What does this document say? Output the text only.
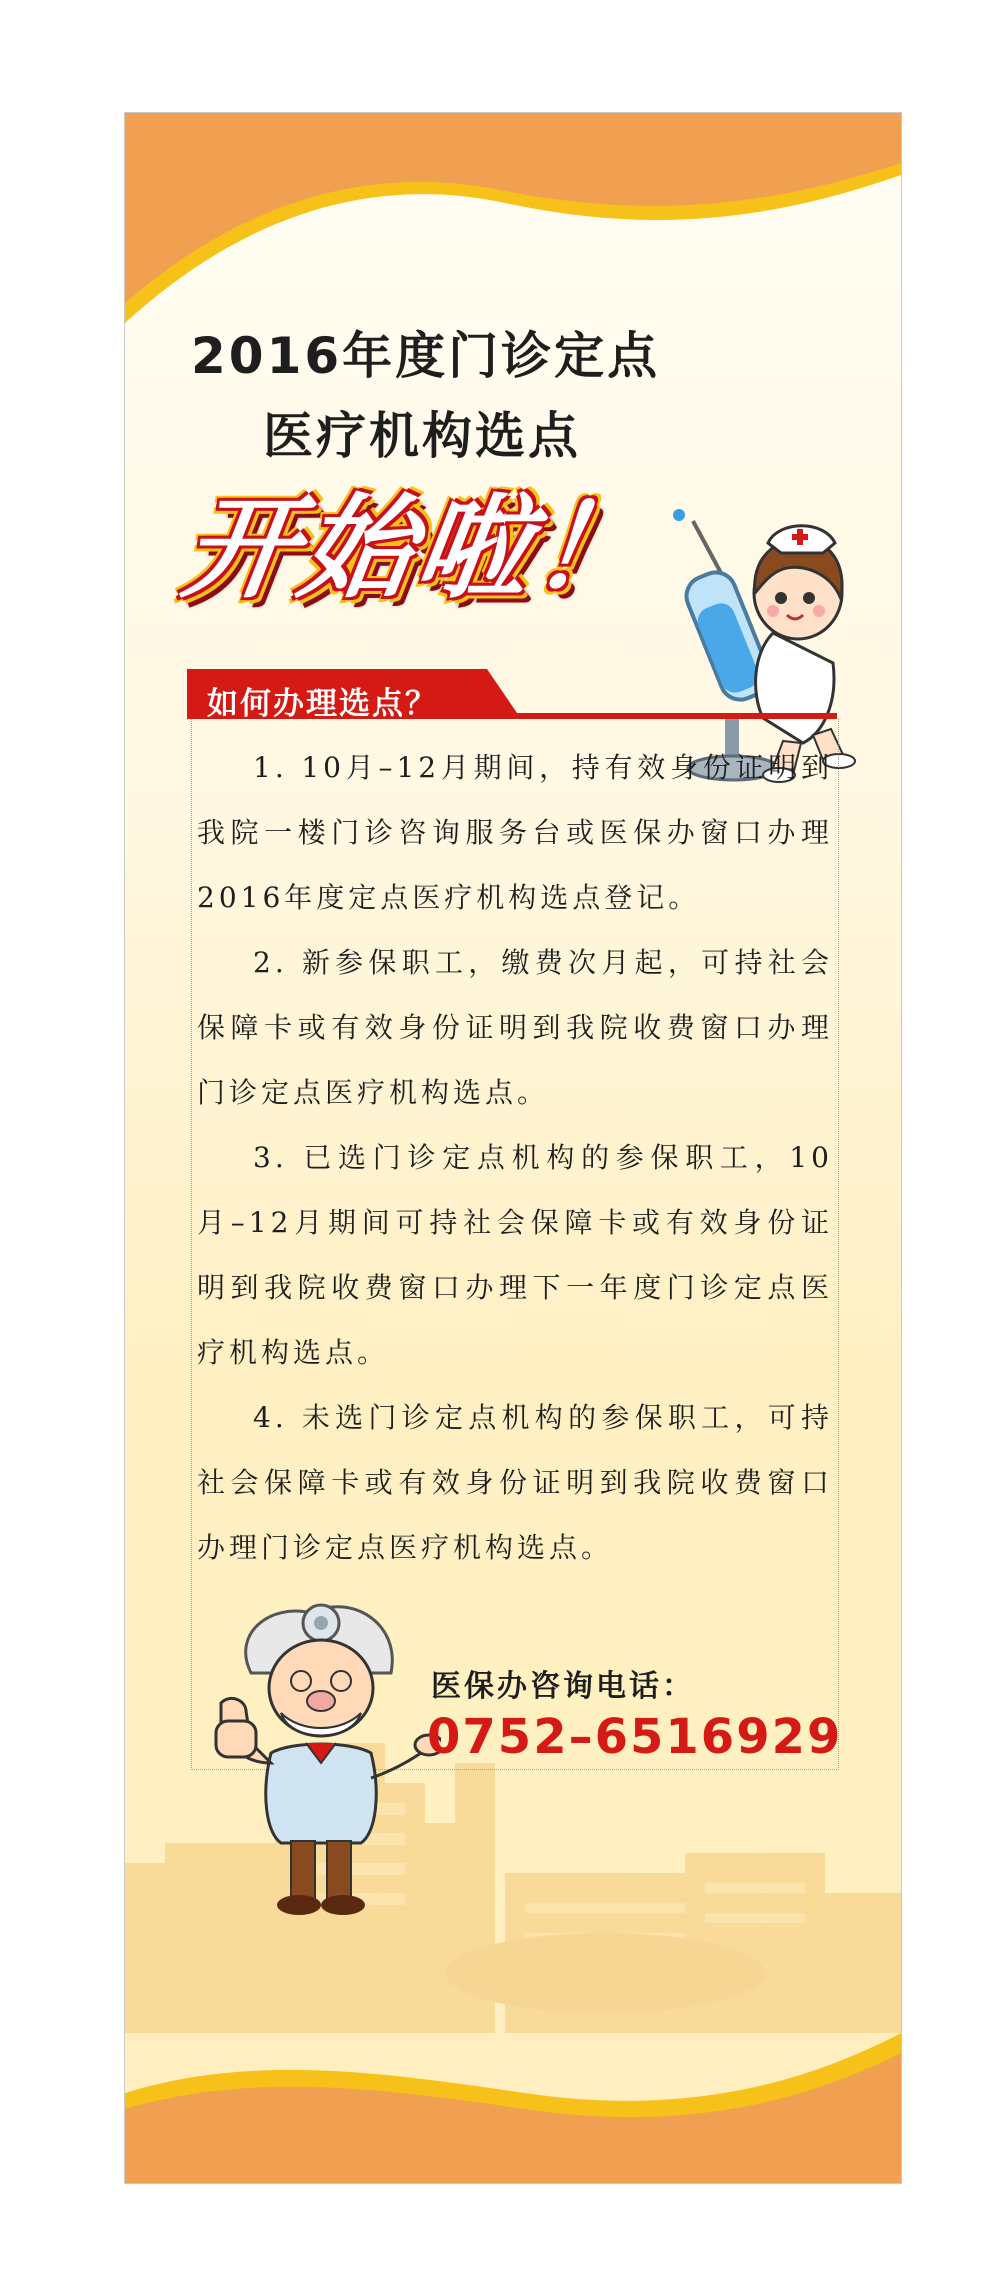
2016年度门诊定点
医疗机构选点
开始啦！
如何办理选点？
1. 10月–12月期间，持有效身份证明到我院一楼门诊咨询服务台或医保办窗口办理2016年度定点医疗机构选点登记。
2. 新参保职工，缴费次月起，可持社会保障卡或有效身份证明到我院收费窗口办理门诊定点医疗机构选点。
3. 已选门诊定点机构的参保职工，10月–12月期间可持社会保障卡或有效身份证明到我院收费窗口办理下一年度门诊定点医疗机构选点。
4. 未选门诊定点机构的参保职工，可持社会保障卡或有效身份证明到我院收费窗口办理门诊定点医疗机构选点。
医保办咨询电话：
0752–6516929
